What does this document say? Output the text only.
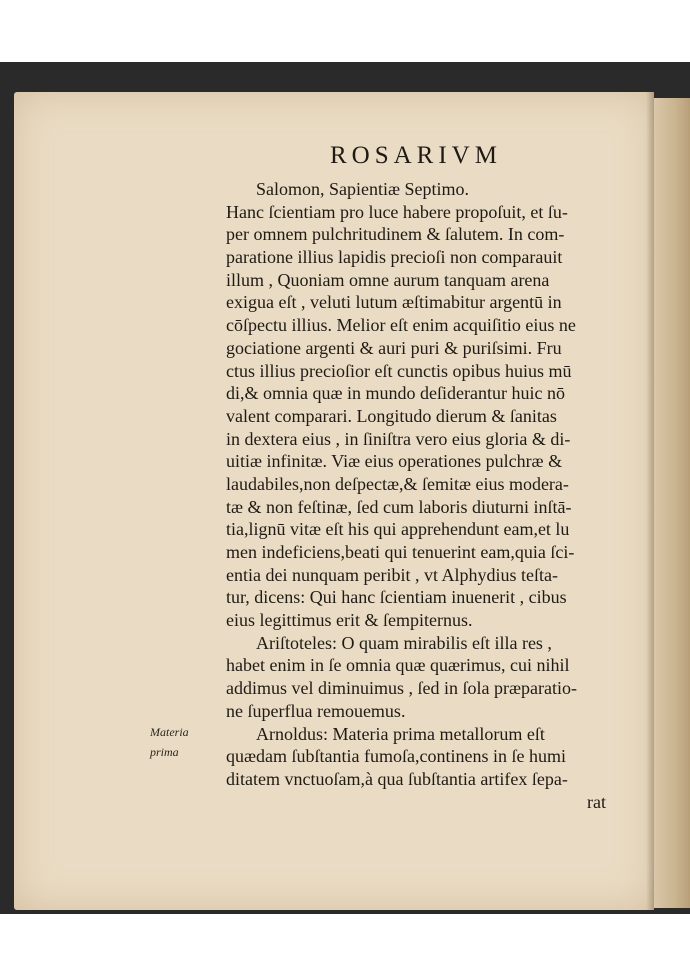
ROSARIVM
Salomon, Sapientiæ Septimo.
Hanc ſcientiam pro luce habere propoſuit, et ſu-
per omnem pulchritudinem & ſalutem. In com-
paratione illius lapidis precioſi non comparauit
illum , Quoniam omne aurum tanquam arena
exigua eſt , veluti lutum æſtimabitur argentū in
cōſpectu illius. Melior eſt enim acquiſitio eius ne
gociatione argenti & auri puri & puriſsimi. Fru
ctus illius precioſior eſt cunctis opibus huius mū
di,& omnia quæ in mundo deſiderantur huic nō
valent comparari. Longitudo dierum & ſanitas
in dextera eius , in ſiniſtra vero eius gloria & di-
uitiæ infinitæ. Viæ eius operationes pulchræ &
laudabiles,non deſpectæ,& ſemitæ eius modera-
tæ & non feſtinæ, ſed cum laboris diuturni inſtā-
tia,lignū vitæ eſt his qui apprehendunt eam,et lu
men indeficiens,beati qui tenuerint eam,quia ſci-
entia dei nunquam peribit , vt Alphydius teſta-
tur, dicens: Qui hanc ſcientiam inuenerit , cibus
eius legittimus erit & ſempiternus.
Ariſtoteles: O quam mirabilis eſt illa res ,
habet enim in ſe omnia quæ quærimus, cui nihil
addimus vel diminuimus , ſed in ſola præparatio-
ne ſuperflua remouemus.
Arnoldus: Materia prima metallorum eſt
quædam ſubſtantia fumoſa,continens in ſe humi
ditatem vnctuoſam,à qua ſubſtantia artifex ſepa-
rat
Materia
prima
